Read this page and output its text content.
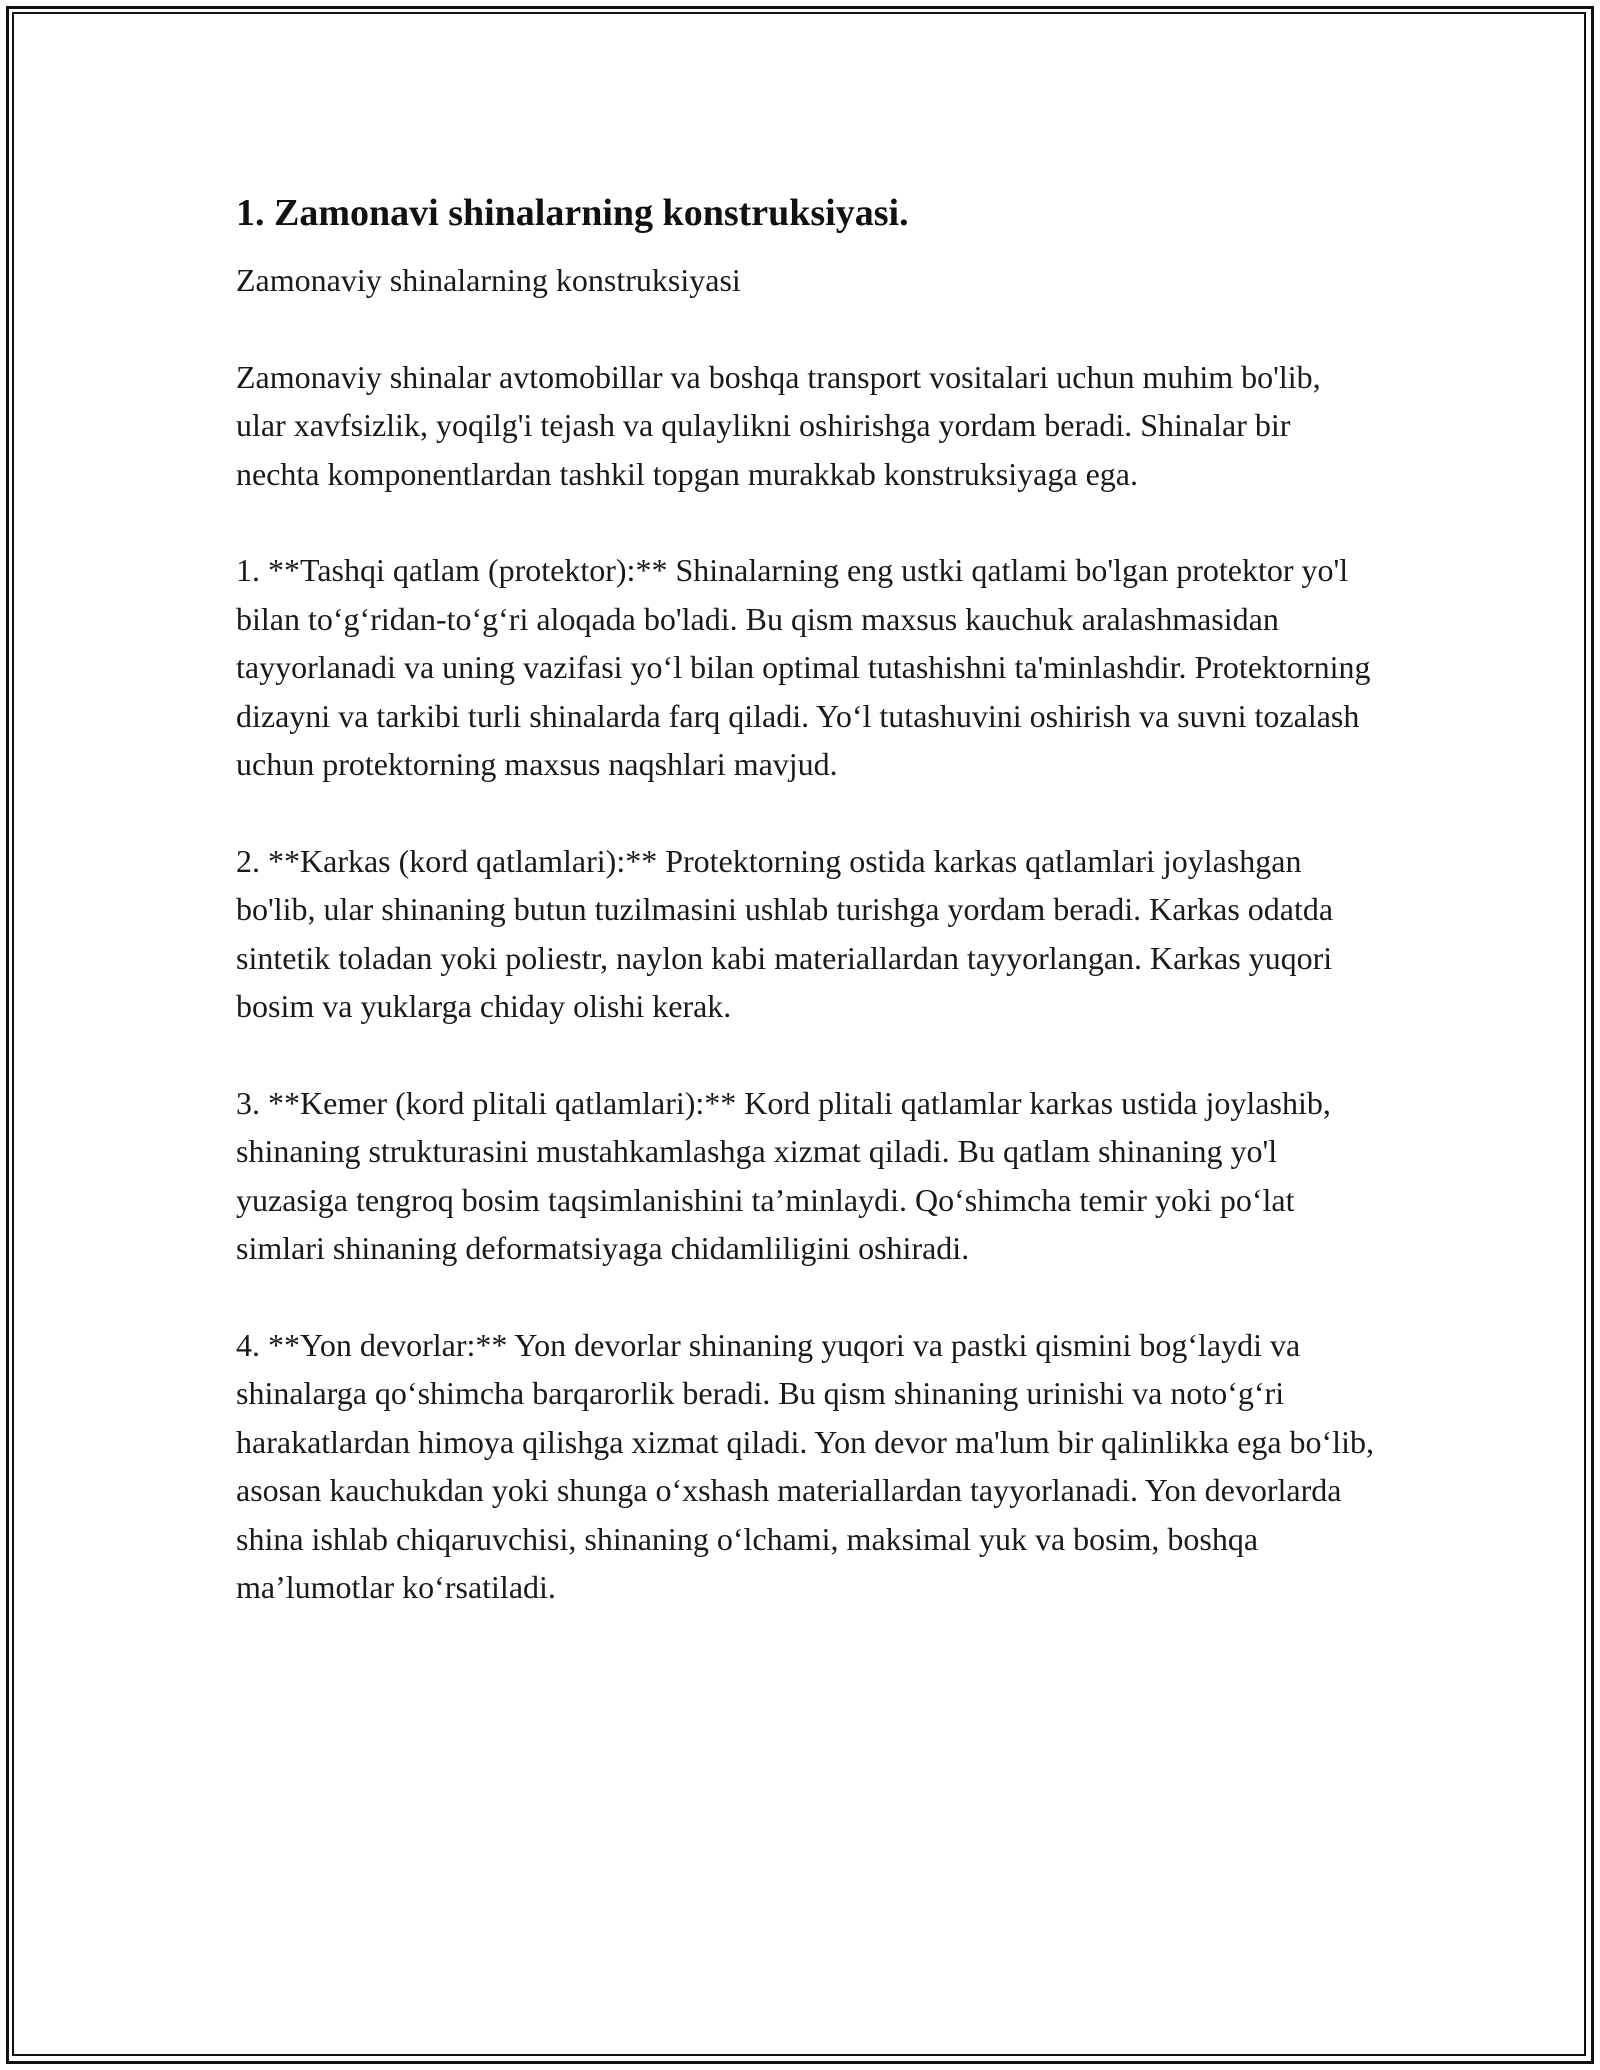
1. Zamonavi shinalarning konstruksiyasi.

Zamonaviy shinalarning konstruksiyasi

Zamonaviy shinalar avtomobillar va boshqa transport vositalari uchun muhim bo'lib, ular xavfsizlik, yoqilg'i tejash va qulaylikni oshirishga yordam beradi. Shinalar bir nechta komponentlardan tashkil topgan murakkab konstruksiyaga ega.

1. **Tashqi qatlam (protektor):** Shinalarning eng ustki qatlami bo'lgan protektor yo'l bilan to‘g‘ridan-to‘g‘ri aloqada bo'ladi. Bu qism maxsus kauchuk aralashmasidan tayyorlanadi va uning vazifasi yo‘l bilan optimal tutashishni ta'minlashdir. Protektorning dizayni va tarkibi turli shinalarda farq qiladi. Yo‘l tutashuvini oshirish va suvni tozalash uchun protektorning maxsus naqshlari mavjud.

2. **Karkas (kord qatlamlari):** Protektorning ostida karkas qatlamlari joylashgan bo'lib, ular shinaning butun tuzilmasini ushlab turishga yordam beradi. Karkas odatda sintetik toladan yoki poliestr, naylon kabi materiallardan tayyorlangan. Karkas yuqori bosim va yuklarga chiday olishi kerak.

3. **Kemer (kord plitali qatlamlari):** Kord plitali qatlamlar karkas ustida joylashib, shinaning strukturasini mustahkamlashga xizmat qiladi. Bu qatlam shinaning yo'l yuzasiga tengroq bosim taqsimlanishini ta’minlaydi. Qo‘shimcha temir yoki po‘lat simlari shinaning deformatsiyaga chidamliligini oshiradi.

4. **Yon devorlar:** Yon devorlar shinaning yuqori va pastki qismini bog‘laydi va shinalarga qo‘shimcha barqarorlik beradi. Bu qism shinaning urinishi va noto‘g‘ri harakatlardan himoya qilishga xizmat qiladi. Yon devor ma'lum bir qalinlikka ega bo‘lib, asosan kauchukdan yoki shunga o‘xshash materiallardan tayyorlanadi. Yon devorlarda shina ishlab chiqaruvchisi, shinaning o‘lchami, maksimal yuk va bosim, boshqa ma’lumotlar ko‘rsatiladi.
